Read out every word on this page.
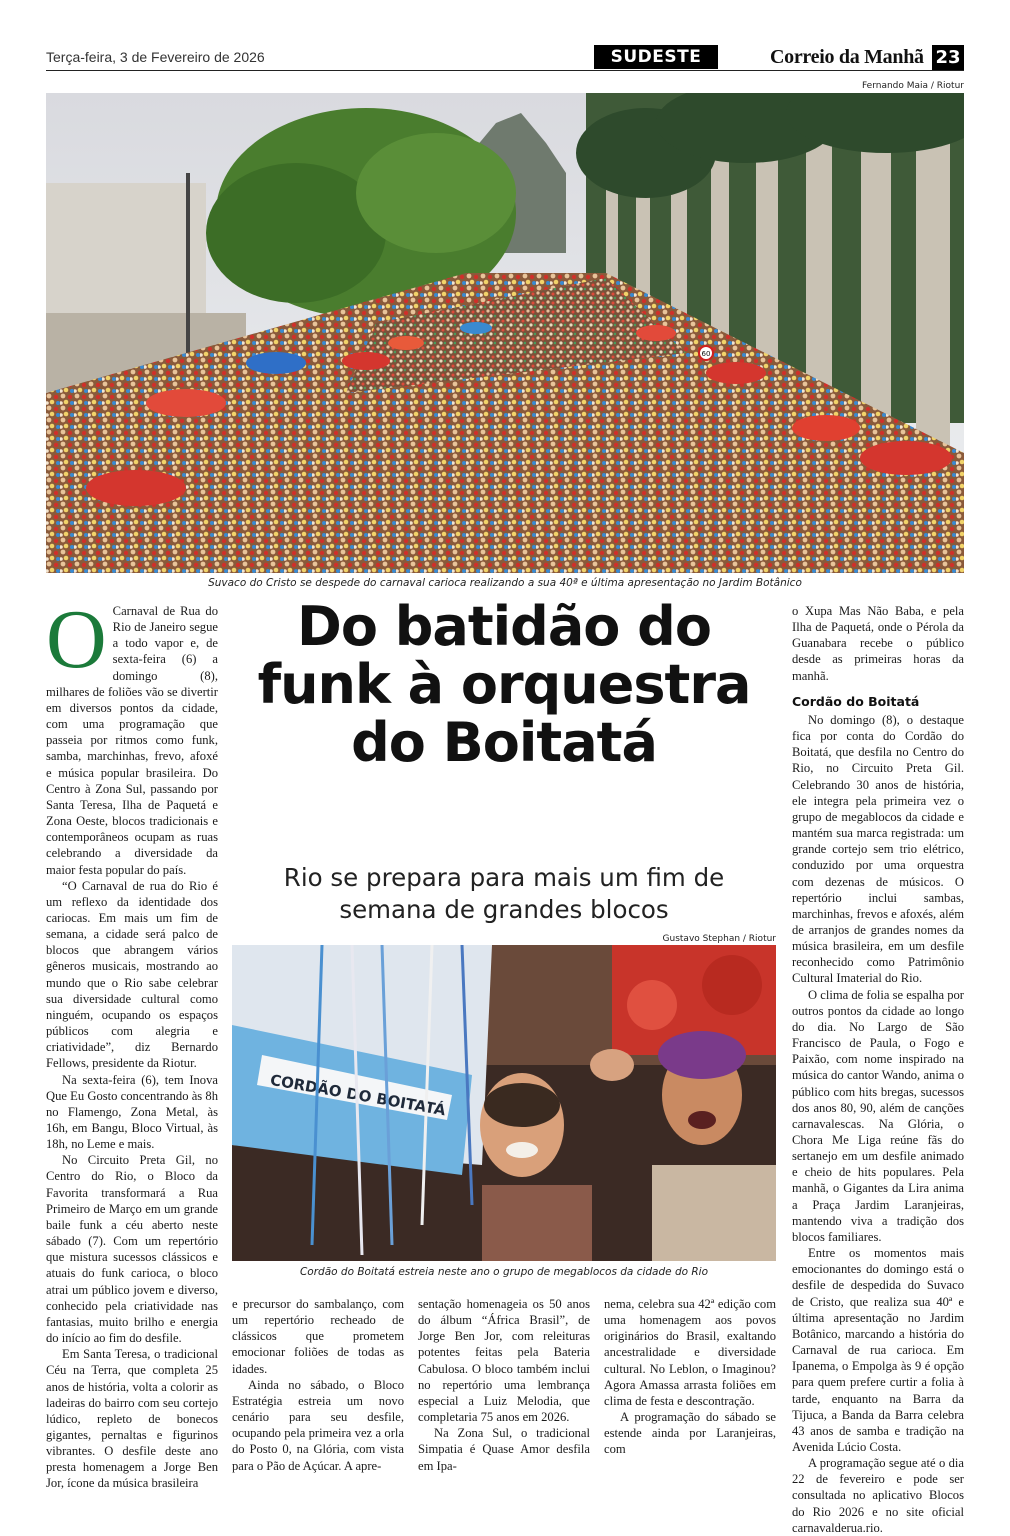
Terça-feira, 3 de Fevereiro de 2026	SUDESTE	Correio da Manhã 23
Fernando Maia / Riotur
60
Suvaco do Cristo se despede do carnaval carioca realizando a sua 40ª e última apresentação no Jardim Botânico
Do batidão do funk à orquestra do Boitatá
Rio se prepara para mais um fim de semana de grandes blocos
Gustavo Stephan / Riotur
CORDÃO DO BOITATÁ
Cordão do Boitatá estreia neste ano o grupo de megablocos da cidade do Rio
O Carnaval de Rua do Rio de Janeiro segue a todo vapor e, de sexta-feira (6) a domingo (8), milhares de foliões vão se divertir em diversos pontos da cidade, com uma programação que passeia por ritmos como funk, samba, marchinhas, frevo, afoxé e música popular brasileira. Do Centro à Zona Sul, passando por Santa Teresa, Ilha de Paquetá e Zona Oeste, blocos tradicionais e contemporâneos ocupam as ruas celebrando a diversidade da maior festa popular do país.

“O Carnaval de rua do Rio é um reflexo da identidade dos cariocas. Em mais um fim de semana, a cidade será palco de blocos que abrangem vários gêneros musicais, mostrando ao mundo que o Rio sabe celebrar sua diversidade cultural como ninguém, ocupando os espaços públicos com alegria e criatividade”, diz Bernardo Fellows, presidente da Riotur.

Na sexta-feira (6), tem Inova Que Eu Gosto concentrando às 8h no Flamengo, Zona Metal, às 16h, em Bangu, Bloco Virtual, às 18h, no Leme e mais.

No Circuito Preta Gil, no Centro do Rio, o Bloco da Favorita transformará a Rua Primeiro de Março em um grande baile funk a céu aberto neste sábado (7). Com um repertório que mistura sucessos clássicos e atuais do funk carioca, o bloco atrai um público jovem e diverso, conhecido pela criatividade nas fantasias, muito brilho e energia do início ao fim do desfile.

Em Santa Teresa, o tradicional Céu na Terra, que completa 25 anos de história, volta a colorir as ladeiras do bairro com seu cortejo lúdico, repleto de bonecos gigantes, pernaltas e figurinos vibrantes. O desfile deste ano presta homenagem a Jorge Ben Jor, ícone da música brasileira

e precursor do sambalanço, com um repertório recheado de clássicos que prometem emocionar foliões de todas as idades.

Ainda no sábado, o Bloco Estratégia estreia um novo cenário para seu desfile, ocupando pela primeira vez a orla do Posto 0, na Glória, com vista para o Pão de Açúcar. A apre-

sentação homenageia os 50 anos do álbum “África Brasil”, de Jorge Ben Jor, com releituras potentes feitas pela Bateria Cabulosa. O bloco também inclui no repertório uma lembrança especial a Luiz Melodia, que completaria 75 anos em 2026.

Na Zona Sul, o tradicional Simpatia é Quase Amor desfila em Ipa-

nema, celebra sua 42ª edição com uma homenagem aos povos originários do Brasil, exaltando ancestralidade e diversidade cultural. No Leblon, o Imaginou? Agora Amassa arrasta foliões em clima de festa e descontração.

A programação do sábado se estende ainda por Laranjeiras, com

o Xupa Mas Não Baba, e pela Ilha de Paquetá, onde o Pérola da Guanabara recebe o público desde as primeiras horas da manhã.

Cordão do Boitatá

No domingo (8), o destaque fica por conta do Cordão do Boitatá, que desfila no Centro do Rio, no Circuito Preta Gil. Celebrando 30 anos de história, ele integra pela primeira vez o grupo de megablocos da cidade e mantém sua marca registrada: um grande cortejo sem trio elétrico, conduzido por uma orquestra com dezenas de músicos. O repertório inclui sambas, marchinhas, frevos e afoxés, além de arranjos de grandes nomes da música brasileira, em um desfile reconhecido como Patrimônio Cultural Imaterial do Rio.

O clima de folia se espalha por outros pontos da cidade ao longo do dia. No Largo de São Francisco de Paula, o Fogo e Paixão, com nome inspirado na música do cantor Wando, anima o público com hits bregas, sucessos dos anos 80, 90, além de canções carnavalescas. Na Glória, o Chora Me Liga reúne fãs do sertanejo em um desfile animado e cheio de hits populares. Pela manhã, o Gigantes da Lira anima a Praça Jardim Laranjeiras, mantendo viva a tradição dos blocos familiares.

Entre os momentos mais emocionantes do domingo está o desfile de despedida do Suvaco de Cristo, que realiza sua 40ª e última apresentação no Jardim Botânico, marcando a história do Carnaval de rua carioca. Em Ipanema, o Empolga às 9 é opção para quem prefere curtir a folia à tarde, enquanto na Barra da Tijuca, a Banda da Barra celebra 43 anos de samba e tradição na Avenida Lúcio Costa.

A programação segue até o dia 22 de fevereiro e pode ser consultada no aplicativo Blocos do Rio 2026 e no site oficial carnavalderua.rio.
